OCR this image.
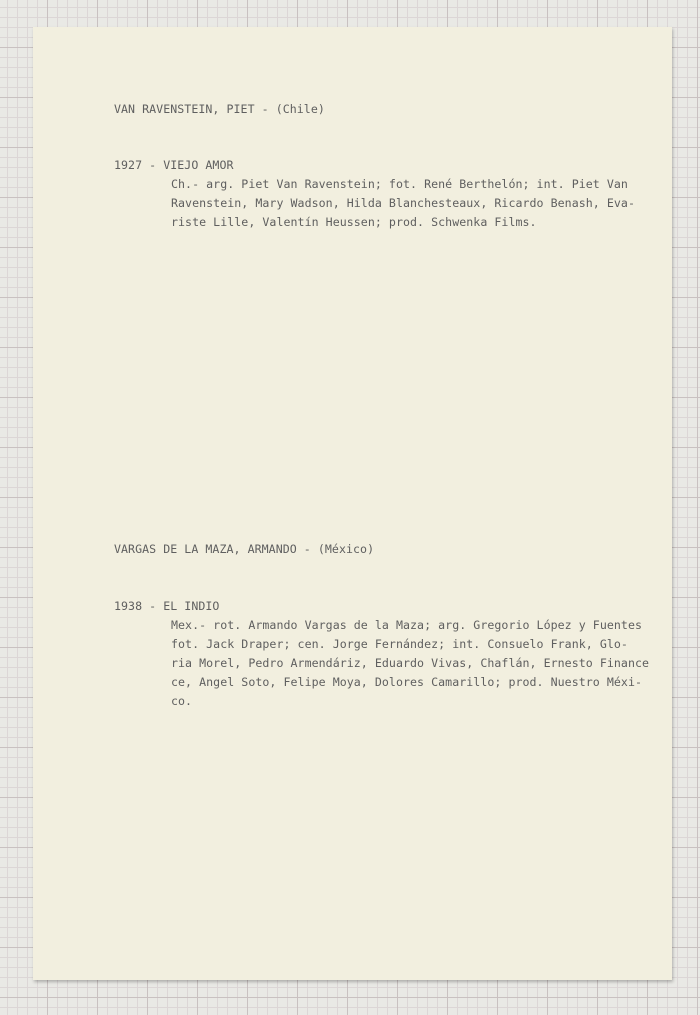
VAN RAVENSTEIN, PIET - (Chile)
1927 - VIEJO AMOR
Ch.- arg. Piet Van Ravenstein; fot. René Berthelón; int. Piet Van
Ravenstein, Mary Wadson, Hilda Blanchesteaux, Ricardo Benash, Eva-
riste Lille, Valentín Heussen; prod. Schwenka Films.
VARGAS DE LA MAZA, ARMANDO - (México)
1938 - EL INDIO
Mex.- rot. Armando Vargas de la Maza; arg. Gregorio López y Fuentes
fot. Jack Draper; cen. Jorge Fernández; int. Consuelo Frank, Glo-
ria Morel, Pedro Armendáriz, Eduardo Vivas, Chaflán, Ernesto Finance
ce, Angel Soto, Felipe Moya, Dolores Camarillo; prod. Nuestro Méxi-
co.
